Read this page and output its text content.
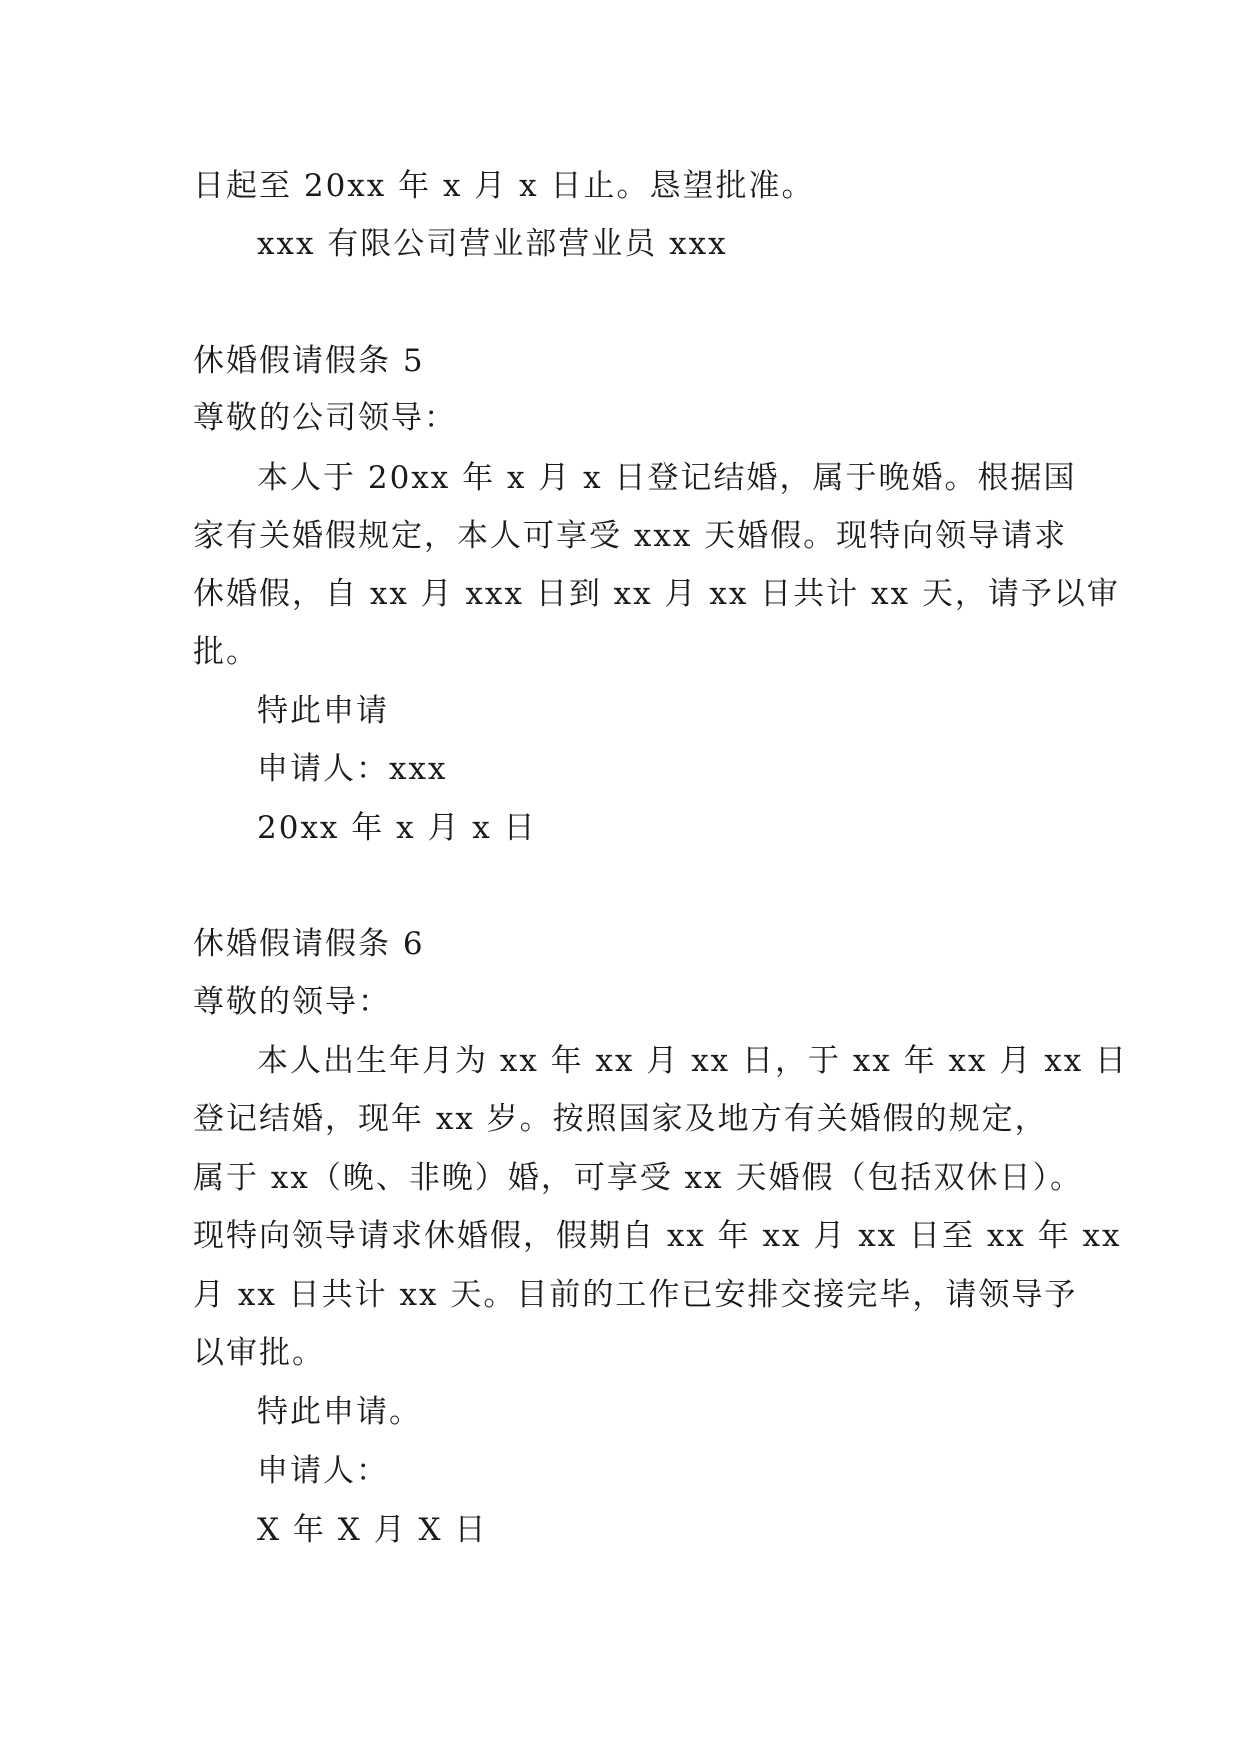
日起至 20xx 年 x 月 x 日止。恳望批准。
xxx 有限公司营业部营业员 xxx
休婚假请假条 5
尊敬的公司领导：
本人于 20xx 年 x 月 x 日登记结婚，属于晚婚。根据国
家有关婚假规定，本人可享受 xxx 天婚假。现特向领导请求
休婚假，自 xx 月 xxx 日到 xx 月 xx 日共计 xx 天，请予以审
批。
特此申请
申请人：xxx
20xx 年 x 月 x 日
休婚假请假条 6
尊敬的领导：
本人出生年月为 xx 年 xx 月 xx 日，于 xx 年 xx 月 xx 日
登记结婚，现年 xx 岁。按照国家及地方有关婚假的规定，
属于 xx（晚、非晚）婚，可享受 xx 天婚假（包括双休日）。
现特向领导请求休婚假，假期自 xx 年 xx 月 xx 日至 xx 年 xx
月 xx 日共计 xx 天。目前的工作已安排交接完毕，请领导予
以审批。
特此申请。
申请人：
X 年 X 月 X 日
